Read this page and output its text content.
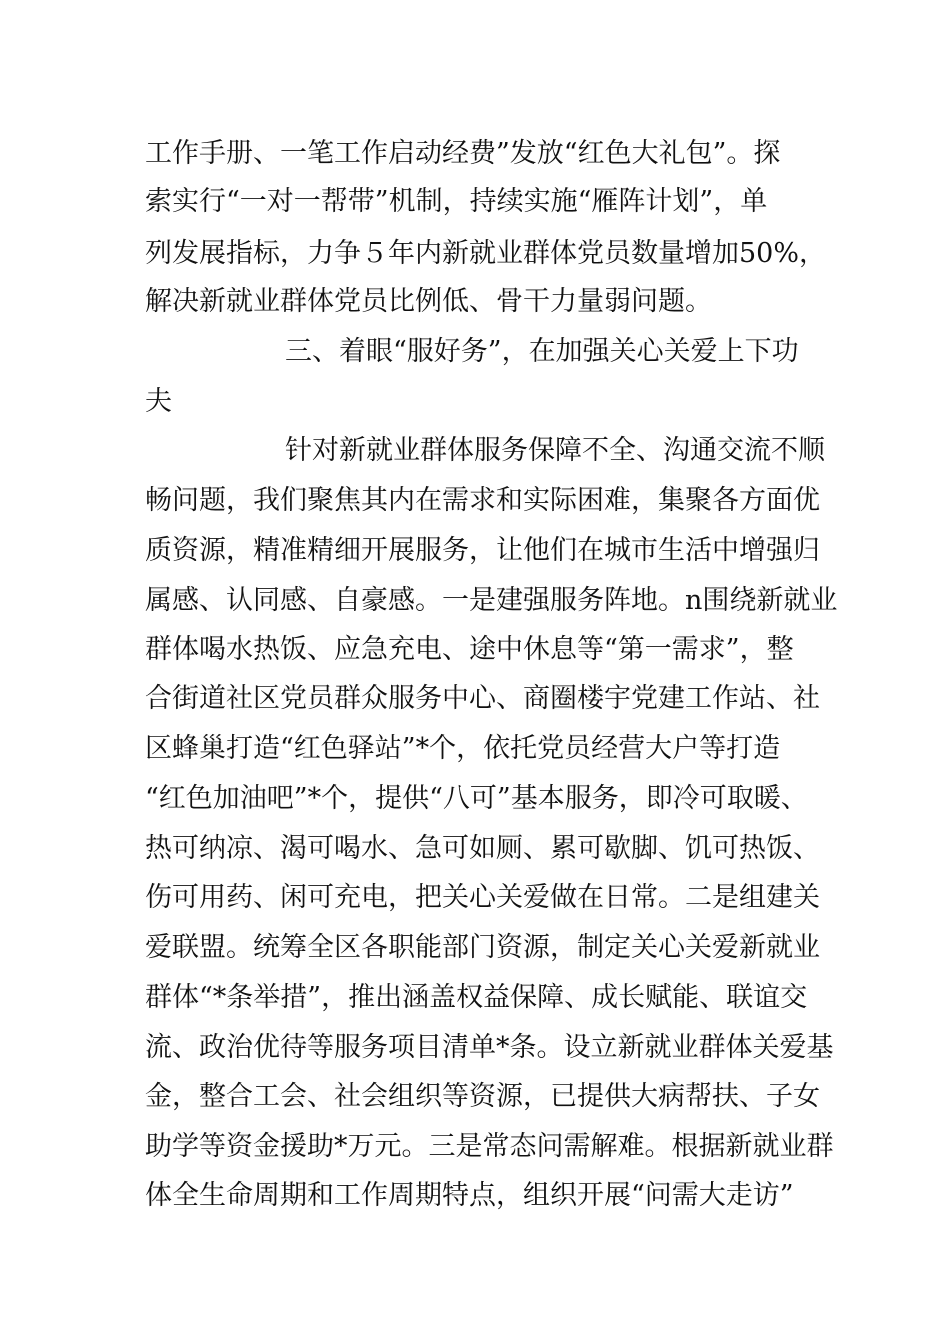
工作手册、一笔工作启动经费”发放“红色大礼包”。探
索实行“一对一帮带”机制，持续实施“雁阵计划”，单
列发展指标，力争５年内新就业群体党员数量增加50%，
解决新就业群体党员比例低、骨干力量弱问题。
三、着眼“服好务”，在加强关心关爱上下功
夫
针对新就业群体服务保障不全、沟通交流不顺
畅问题，我们聚焦其内在需求和实际困难，集聚各方面优
质资源，精准精细开展服务，让他们在城市生活中增强归
属感、认同感、自豪感。一是建强服务阵地。n围绕新就业
群体喝水热饭、应急充电、途中休息等“第一需求”，整
合街道社区党员群众服务中心、商圈楼宇党建工作站、社
区蜂巢打造“红色驿站”*个，依托党员经营大户等打造
“红色加油吧”*个，提供“八可”基本服务，即冷可取暖、
热可纳凉、渴可喝水、急可如厕、累可歇脚、饥可热饭、
伤可用药、闲可充电，把关心关爱做在日常。二是组建关
爱联盟。统筹全区各职能部门资源，制定关心关爱新就业
群体“*条举措”，推出涵盖权益保障、成长赋能、联谊交
流、政治优待等服务项目清单*条。设立新就业群体关爱基
金，整合工会、社会组织等资源，已提供大病帮扶、子女
助学等资金援助*万元。三是常态问需解难。根据新就业群
体全生命周期和工作周期特点，组织开展“问需大走访”
